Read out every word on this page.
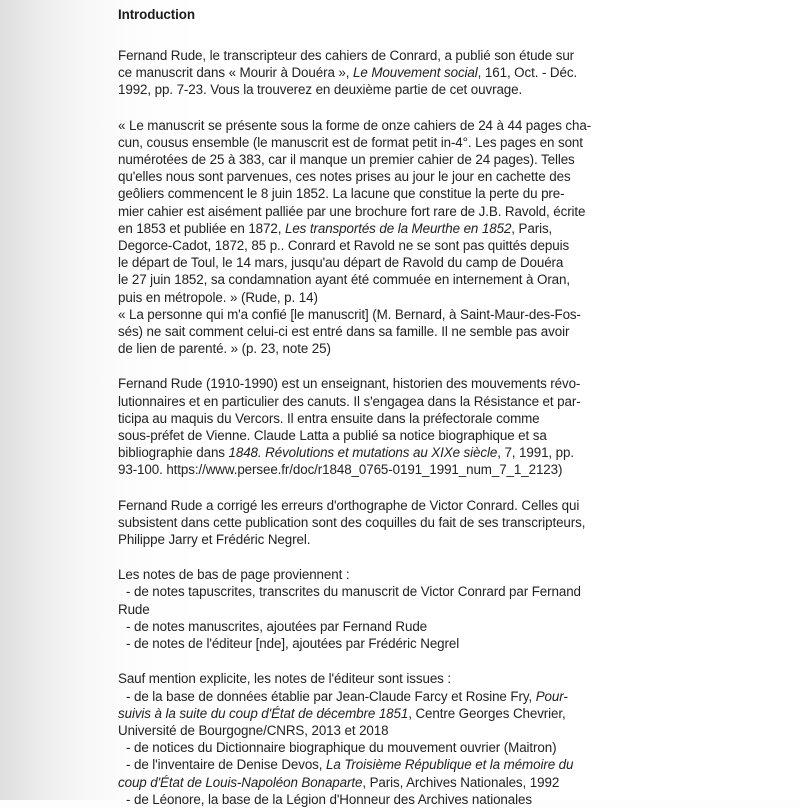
Introduction

Fernand Rude, le transcripteur des cahiers de Conrard, a publié son étude sur
ce manuscrit dans « Mourir à Douéra », Le Mouvement social, 161, Oct. - Déc.
1992, pp. 7-23. Vous la trouverez en deuxième partie de cet ouvrage.

« Le manuscrit se présente sous la forme de onze cahiers de 24 à 44 pages cha-
cun, cousus ensemble (le manuscrit est de format petit in-4°. Les pages en sont
numérotées de 25 à 383, car il manque un premier cahier de 24 pages). Telles
qu'elles nous sont parvenues, ces notes prises au jour le jour en cachette des
geôliers commencent le 8 juin 1852. La lacune que constitue la perte du pre-
mier cahier est aisément palliée par une brochure fort rare de J.B. Ravold, écrite
en 1853 et publiée en 1872, Les transportés de la Meurthe en 1852, Paris,
Degorce-Cadot, 1872, 85 p.. Conrard et Ravold ne se sont pas quittés depuis
le départ de Toul, le 14 mars, jusqu'au départ de Ravold du camp de Douéra
le 27 juin 1852, sa condamnation ayant été commuée en internement à Oran,
puis en métropole. » (Rude, p. 14)
« La personne qui m'a confié [le manuscrit] (M. Bernard, à Saint-Maur-des-Fos-
sés) ne sait comment celui-ci est entré dans sa famille. Il ne semble pas avoir
de lien de parenté. » (p. 23, note 25)

Fernand Rude (1910-1990) est un enseignant, historien des mouvements révo-
lutionnaires et en particulier des canuts. Il s'engagea dans la Résistance et par-
ticipa au maquis du Vercors. Il entra ensuite dans la préfectorale comme
sous-préfet de Vienne. Claude Latta a publié sa notice biographique et sa
bibliographie dans 1848. Révolutions et mutations au XIXe siècle, 7, 1991, pp.
93-100. https://www.persee.fr/doc/r1848_0765-0191_1991_num_7_1_2123)

Fernand Rude a corrigé les erreurs d'orthographe de Victor Conrard. Celles qui
subsistent dans cette publication sont des coquilles du fait de ses transcripteurs,
Philippe Jarry et Frédéric Negrel.

Les notes de bas de page proviennent :
- de notes tapuscrites, transcrites du manuscrit de Victor Conrard par Fernand
Rude
- de notes manuscrites, ajoutées par Fernand Rude
- de notes de l'éditeur [nde], ajoutées par Frédéric Negrel

Sauf mention explicite, les notes de l'éditeur sont issues :
- de la base de données établie par Jean-Claude Farcy et Rosine Fry, Pour-
suivis à la suite du coup d'État de décembre 1851, Centre Georges Chevrier,
Université de Bourgogne/CNRS, 2013 et 2018
- de notices du Dictionnaire biographique du mouvement ouvrier (Maitron)
- de l'inventaire de Denise Devos, La Troisième République et la mémoire du
coup d'État de Louis-Napoléon Bonaparte, Paris, Archives Nationales, 1992
- de Léonore, la base de la Légion d'Honneur des Archives nationales
